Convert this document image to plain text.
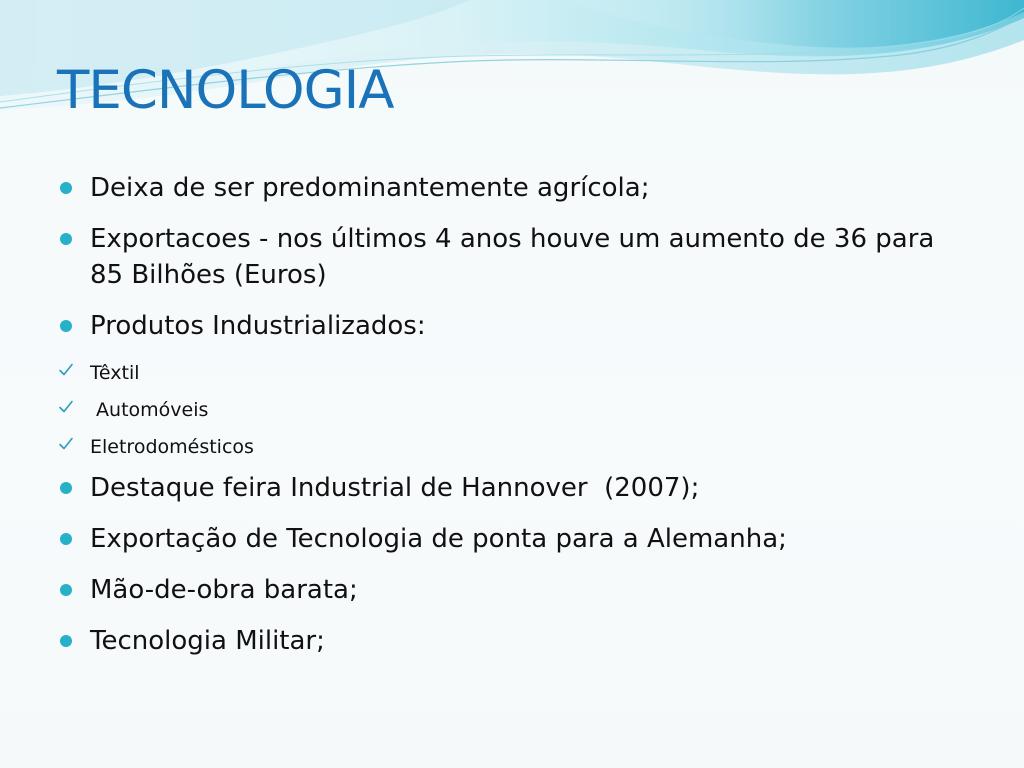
TECNOLOGIA
Deixa de ser predominantemente agrícola;
Exportacoes - nos últimos 4 anos houve um aumento de 36 para 85 Bilhões (Euros)
Produtos Industrializados:
Têxtil
Automóveis
Eletrodomésticos
Destaque feira Industrial de Hannover  (2007);
Exportação de Tecnologia de ponta para a Alemanha;
Mão-de-obra barata;
Tecnologia Militar;
